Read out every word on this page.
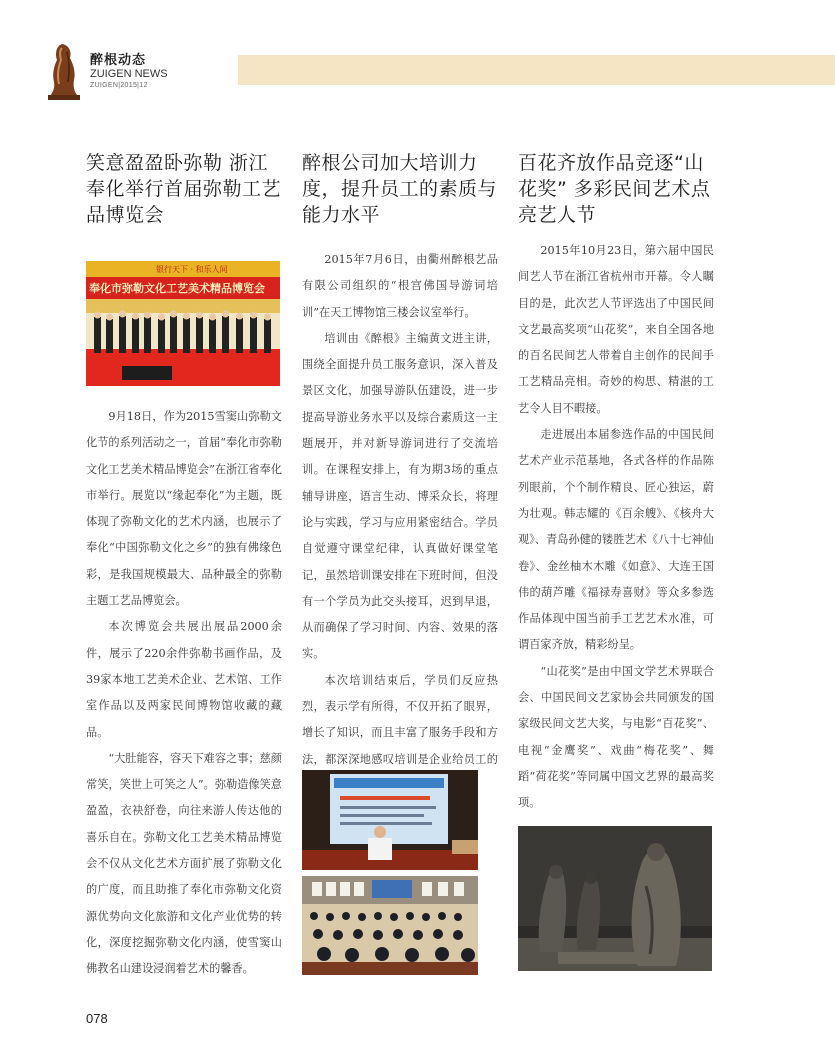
醉根动态
ZUIGEN NEWS
ZUIGEN|2015|12
笑意盈盈卧弥勒 浙江奉化举行首届弥勒工艺品博览会
银行天下 · 和乐人间
奉化市弥勒文化工艺美术精品博览会

9月18日，作为2015雪窦山弥勒文化节的系列活动之一，首届“奉化市弥勒文化工艺美术精品博览会”在浙江省奉化市举行。展览以“缘起奉化”为主题，既体现了弥勒文化的艺术内涵，也展示了奉化“中国弥勒文化之乡”的独有佛缘色彩，是我国规模最大、品种最全的弥勒主题工艺品博览会。

本次博览会共展出展品2000余件，展示了220余件弥勒书画作品，及39家本地工艺美术企业、艺术馆、工作室作品以及两家民间博物馆收藏的藏品。

“大肚能容，容天下难容之事；慈颜常笑，笑世上可笑之人”。弥勒造像笑意盈盈，衣袂舒卷，向往来游人传达他的喜乐自在。弥勒文化工艺美术精品博览会不仅从文化艺术方面扩展了弥勒文化的广度，而且助推了奉化市弥勒文化资源优势向文化旅游和文化产业优势的转化，深度挖掘弥勒文化内涵，使雪窦山佛教名山建设浸润着艺术的馨香。

醉根公司加大培训力度，提升员工的素质与能力水平

2015年7月6日，由衢州醉根艺品有限公司组织的“根宫佛国导游词培训”在天工博物馆三楼会议室举行。

培训由《醉根》主编黄文进主讲，围绕全面提升员工服务意识，深入普及景区文化，加强导游队伍建设，进一步提高导游业务水平以及综合素质这一主题展开，并对新导游词进行了交流培训。在课程安排上，有为期3场的重点辅导讲座，语言生动、博采众长，将理论与实践，学习与应用紧密结合。学员自觉遵守课堂纪律，认真做好课堂笔记，虽然培训课安排在下班时间，但没有一个学员为此交头接耳，迟到早退，从而确保了学习时间、内容、效果的落实。

本次培训结束后，学员们反应热烈，表示学有所得，不仅开拓了眼界，增长了知识，而且丰富了服务手段和方法，都深深地感叹培训是企业给员工的

百花齐放作品竞逐“山花奖” 多彩民间艺术点亮艺人节

2015年10月23日，第六届中国民间艺人节在浙江省杭州市开幕。令人瞩目的是，此次艺人节评选出了中国民间文艺最高奖项“山花奖”，来自全国各地的百名民间艺人带着自主创作的民间手工艺精品亮相。奇妙的构思、精湛的工艺令人目不暇接。

走进展出本届参选作品的中国民间艺术产业示范基地，各式各样的作品陈列眼前，个个制作精良、匠心独运，蔚为壮观。韩志耀的《百余艘》、《核舟大观》、青岛孙健的镂胜艺术《八十七神仙卷》、金丝柚木木雕《如意》、大连王国伟的葫芦雕《福禄寿喜财》等众多参选作品体现中国当前手工艺艺术水准，可谓百家齐放，精彩纷呈。

“山花奖”是由中国文学艺术界联合会、中国民间文艺家协会共同颁发的国家级民间文艺大奖，与电影“百花奖”、电视“金鹰奖”、戏曲“梅花奖”、舞蹈“荷花奖”等同属中国文艺界的最高奖项。

078
